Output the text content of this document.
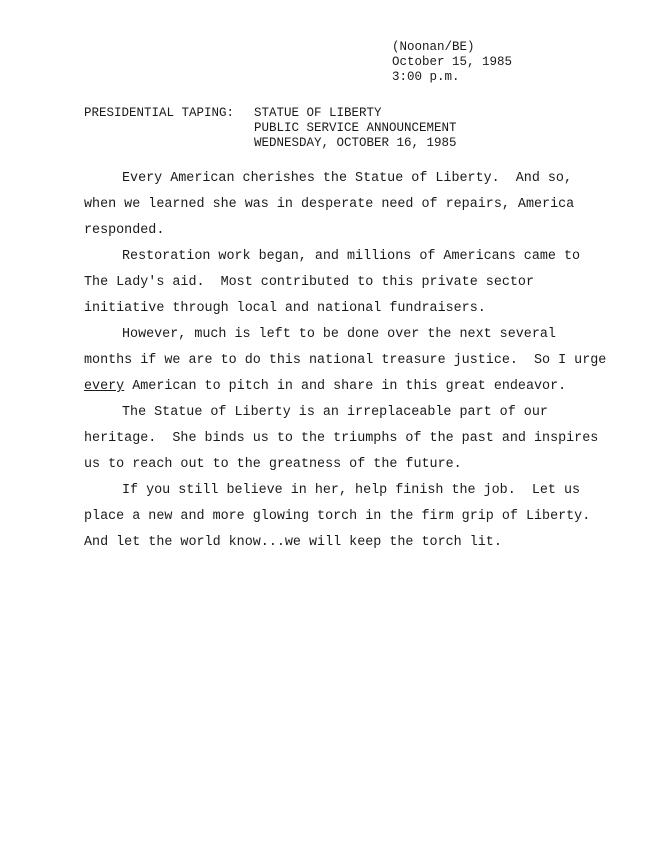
(Noonan/BE)
October 15, 1985
3:00 p.m.
PRESIDENTIAL TAPING: STATUE OF LIBERTY
PUBLIC SERVICE ANNOUNCEMENT
WEDNESDAY, OCTOBER 16, 1985
Every American cherishes the Statue of Liberty.  And so,
when we learned she was in desperate need of repairs, America
responded.
Restoration work began, and millions of Americans came to
The Lady's aid.  Most contributed to this private sector
initiative through local and national fundraisers.
However, much is left to be done over the next several
months if we are to do this national treasure justice.  So I urge
every American to pitch in and share in this great endeavor.
The Statue of Liberty is an irreplaceable part of our
heritage.  She binds us to the triumphs of the past and inspires
us to reach out to the greatness of the future.
If you still believe in her, help finish the job.  Let us
place a new and more glowing torch in the firm grip of Liberty.
And let the world know...we will keep the torch lit.
